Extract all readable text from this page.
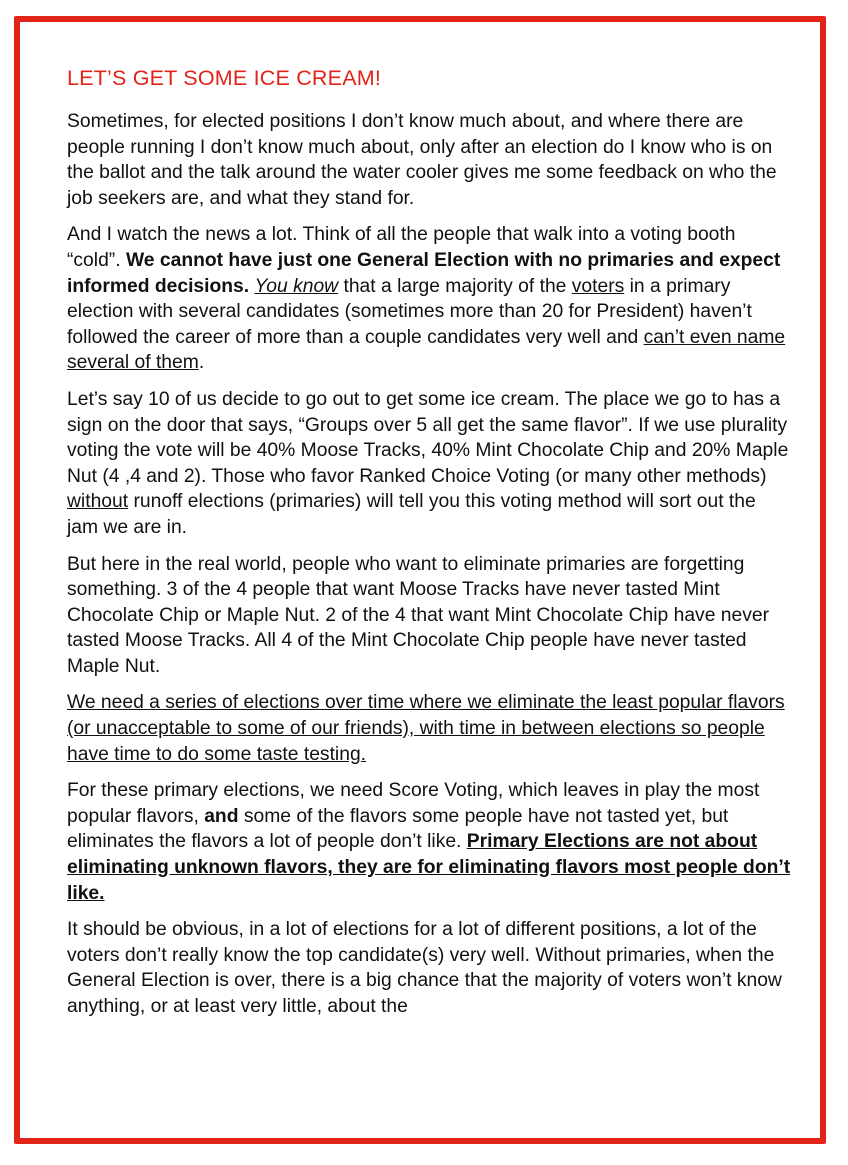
LET’S GET SOME ICE CREAM!

Sometimes, for elected positions I don’t know much about, and where there are people running I don’t know much about, only after an election do I know who is on the ballot and the talk around the water cooler gives me some feedback on who the job seekers are, and what they stand for.

And I watch the news a lot. Think of all the people that walk into a voting booth “cold”. We cannot have just one General Election with no primaries and expect informed decisions. You know that a large majority of the voters in a primary election with several candidates (sometimes more than 20 for President) haven’t followed the career of more than a couple candidates very well and can’t even name several of them.

Let’s say 10 of us decide to go out to get some ice cream. The place we go to has a sign on the door that says, “Groups over 5 all get the same flavor”. If we use plurality voting the vote will be 40% Moose Tracks, 40% Mint Chocolate Chip and 20% Maple Nut (4 ,4 and 2). Those who favor Ranked Choice Voting (or many other methods) without runoff elections (primaries) will tell you this voting method will sort out the jam we are in.

But here in the real world, people who want to eliminate primaries are forgetting something. 3 of the 4 people that want Moose Tracks have never tasted Mint Chocolate Chip or Maple Nut. 2 of the 4 that want Mint Chocolate Chip have never tasted Moose Tracks. All 4 of the Mint Chocolate Chip people have never tasted Maple Nut.

We need a series of elections over time where we eliminate the least popular flavors (or unacceptable to some of our friends), with time in between elections so people have time to do some taste testing.

For these primary elections, we need Score Voting, which leaves in play the most popular flavors, and some of the flavors some people have not tasted yet, but eliminates the flavors a lot of people don’t like. Primary Elections are not about eliminating unknown flavors, they are for eliminating flavors most people don’t like.

It should be obvious, in a lot of elections for a lot of different positions, a lot of the voters don’t really know the top candidate(s) very well. Without primaries, when the General Election is over, there is a big chance that the majority of voters won’t know anything, or at least very little, about the
